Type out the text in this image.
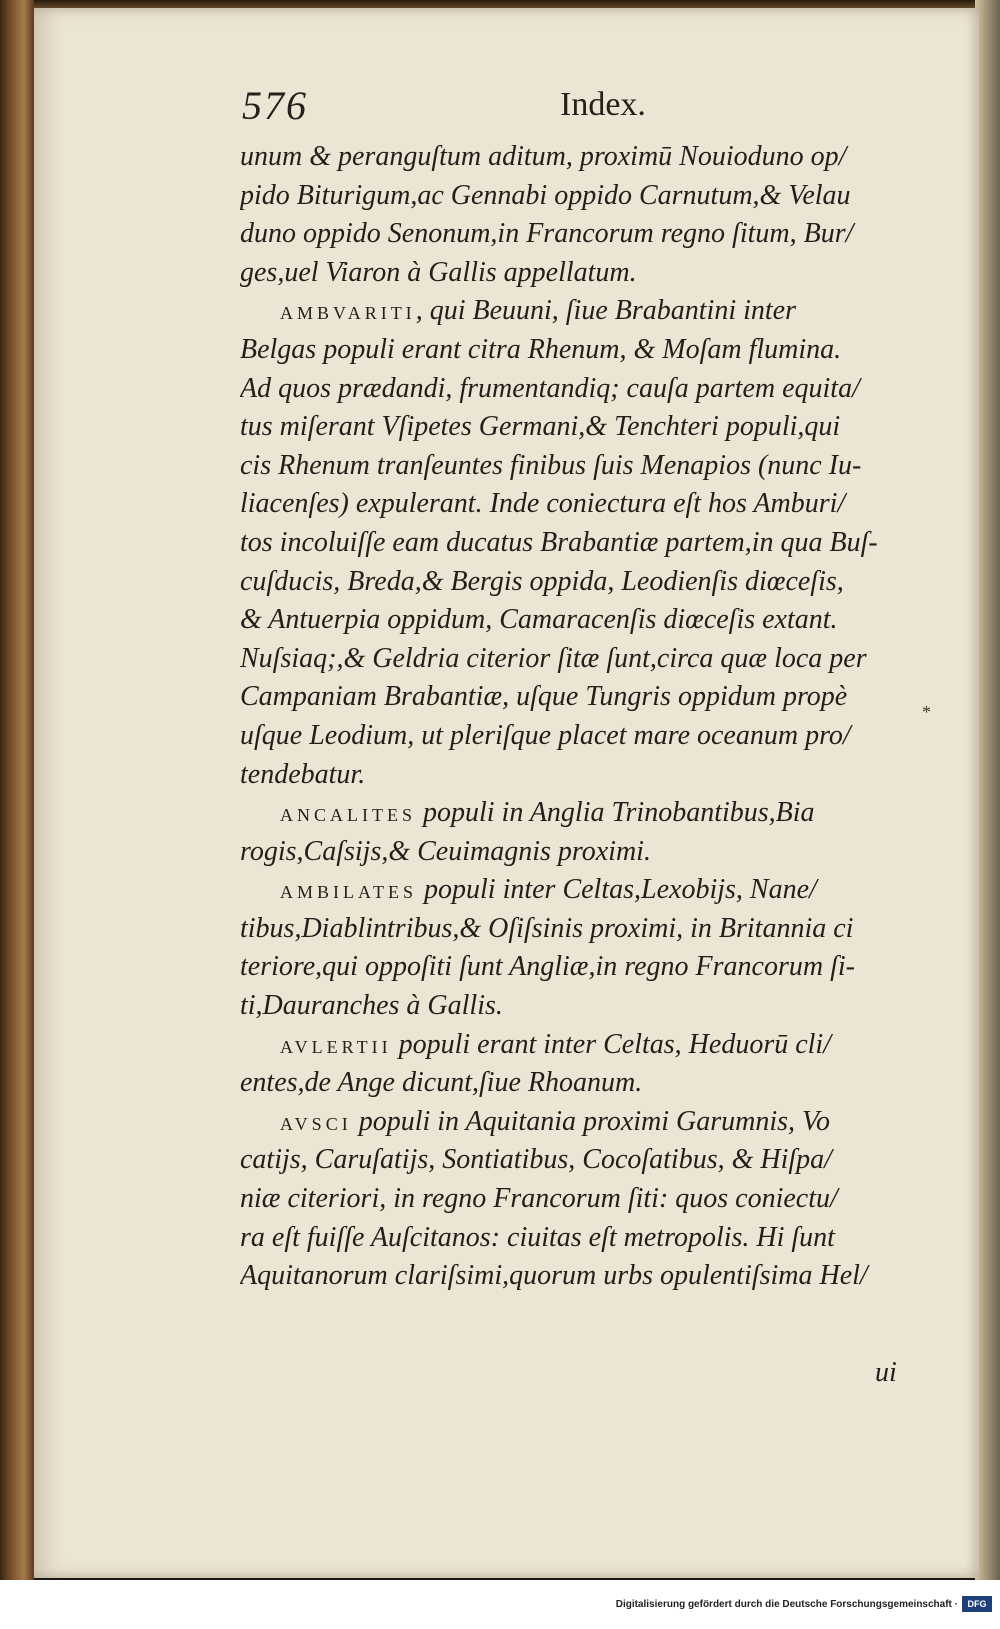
576	Index.
unum & peranguſtum aditum, proximū Nouioduno op/
pido Biturigum,ac Gennabi oppido Carnutum,& Velau
duno oppido Senonum,in Francorum regno ſitum, Bur/
ges,uel Viaron à Gallis appellatum.
AMBVARITI, qui Beuuni, ſiue Brabantini inter
Belgas populi erant citra Rhenum, & Moſam flumina.
Ad quos prædandi, frumentandiq; cauſa partem equita/
tus miſerant Vſipetes Germani,& Tenchteri populi,qui
cis Rhenum tranſeuntes finibus ſuis Menapios (nunc Iu-
liacenſes) expulerant. Inde coniectura eſt hos Amburi/
tos incoluiſſe eam ducatus Brabantiæ partem,in qua Buſ-
cuſducis, Breda,& Bergis oppida, Leodienſis diœceſis,
& Antuerpia oppidum, Camaracenſis diœceſis extant.
Nuſsiaq;,& Geldria citerior ſitæ ſunt,circa quæ loca per
Campaniam Brabantiæ, uſque Tungris oppidum propè
uſque Leodium, ut pleriſque placet mare oceanum pro/
tendebatur.
ANCALITES populi in Anglia Trinobantibus,Bia
rogis,Caſsijs,& Ceuimagnis proximi.
AMBILATES populi inter Celtas,Lexobijs, Nane/
tibus,Diablintribus,& Oſiſsinis proximi, in Britannia ci
teriore,qui oppoſiti ſunt Angliæ,in regno Francorum ſi-
ti,Dauranches à Gallis.
AVLERTII populi erant inter Celtas, Heduorū cli/
entes,de Ange dicunt,ſiue Rhoanum.
AVSCI populi in Aquitania proximi Garumnis, Vo
catijs, Caruſatijs, Sontiatibus, Cocoſatibus, & Hiſpa/
niæ citeriori, in regno Francorum ſiti: quos coniectu/
ra eſt fuiſſe Auſcitanos: ciuitas eſt metropolis. Hi ſunt
Aquitanorum clariſsimi,quorum urbs opulentiſsima Hel/
ui
*
Digitalisierung gefördert durch die Deutsche Forschungsgemeinschaft ·	DFG
